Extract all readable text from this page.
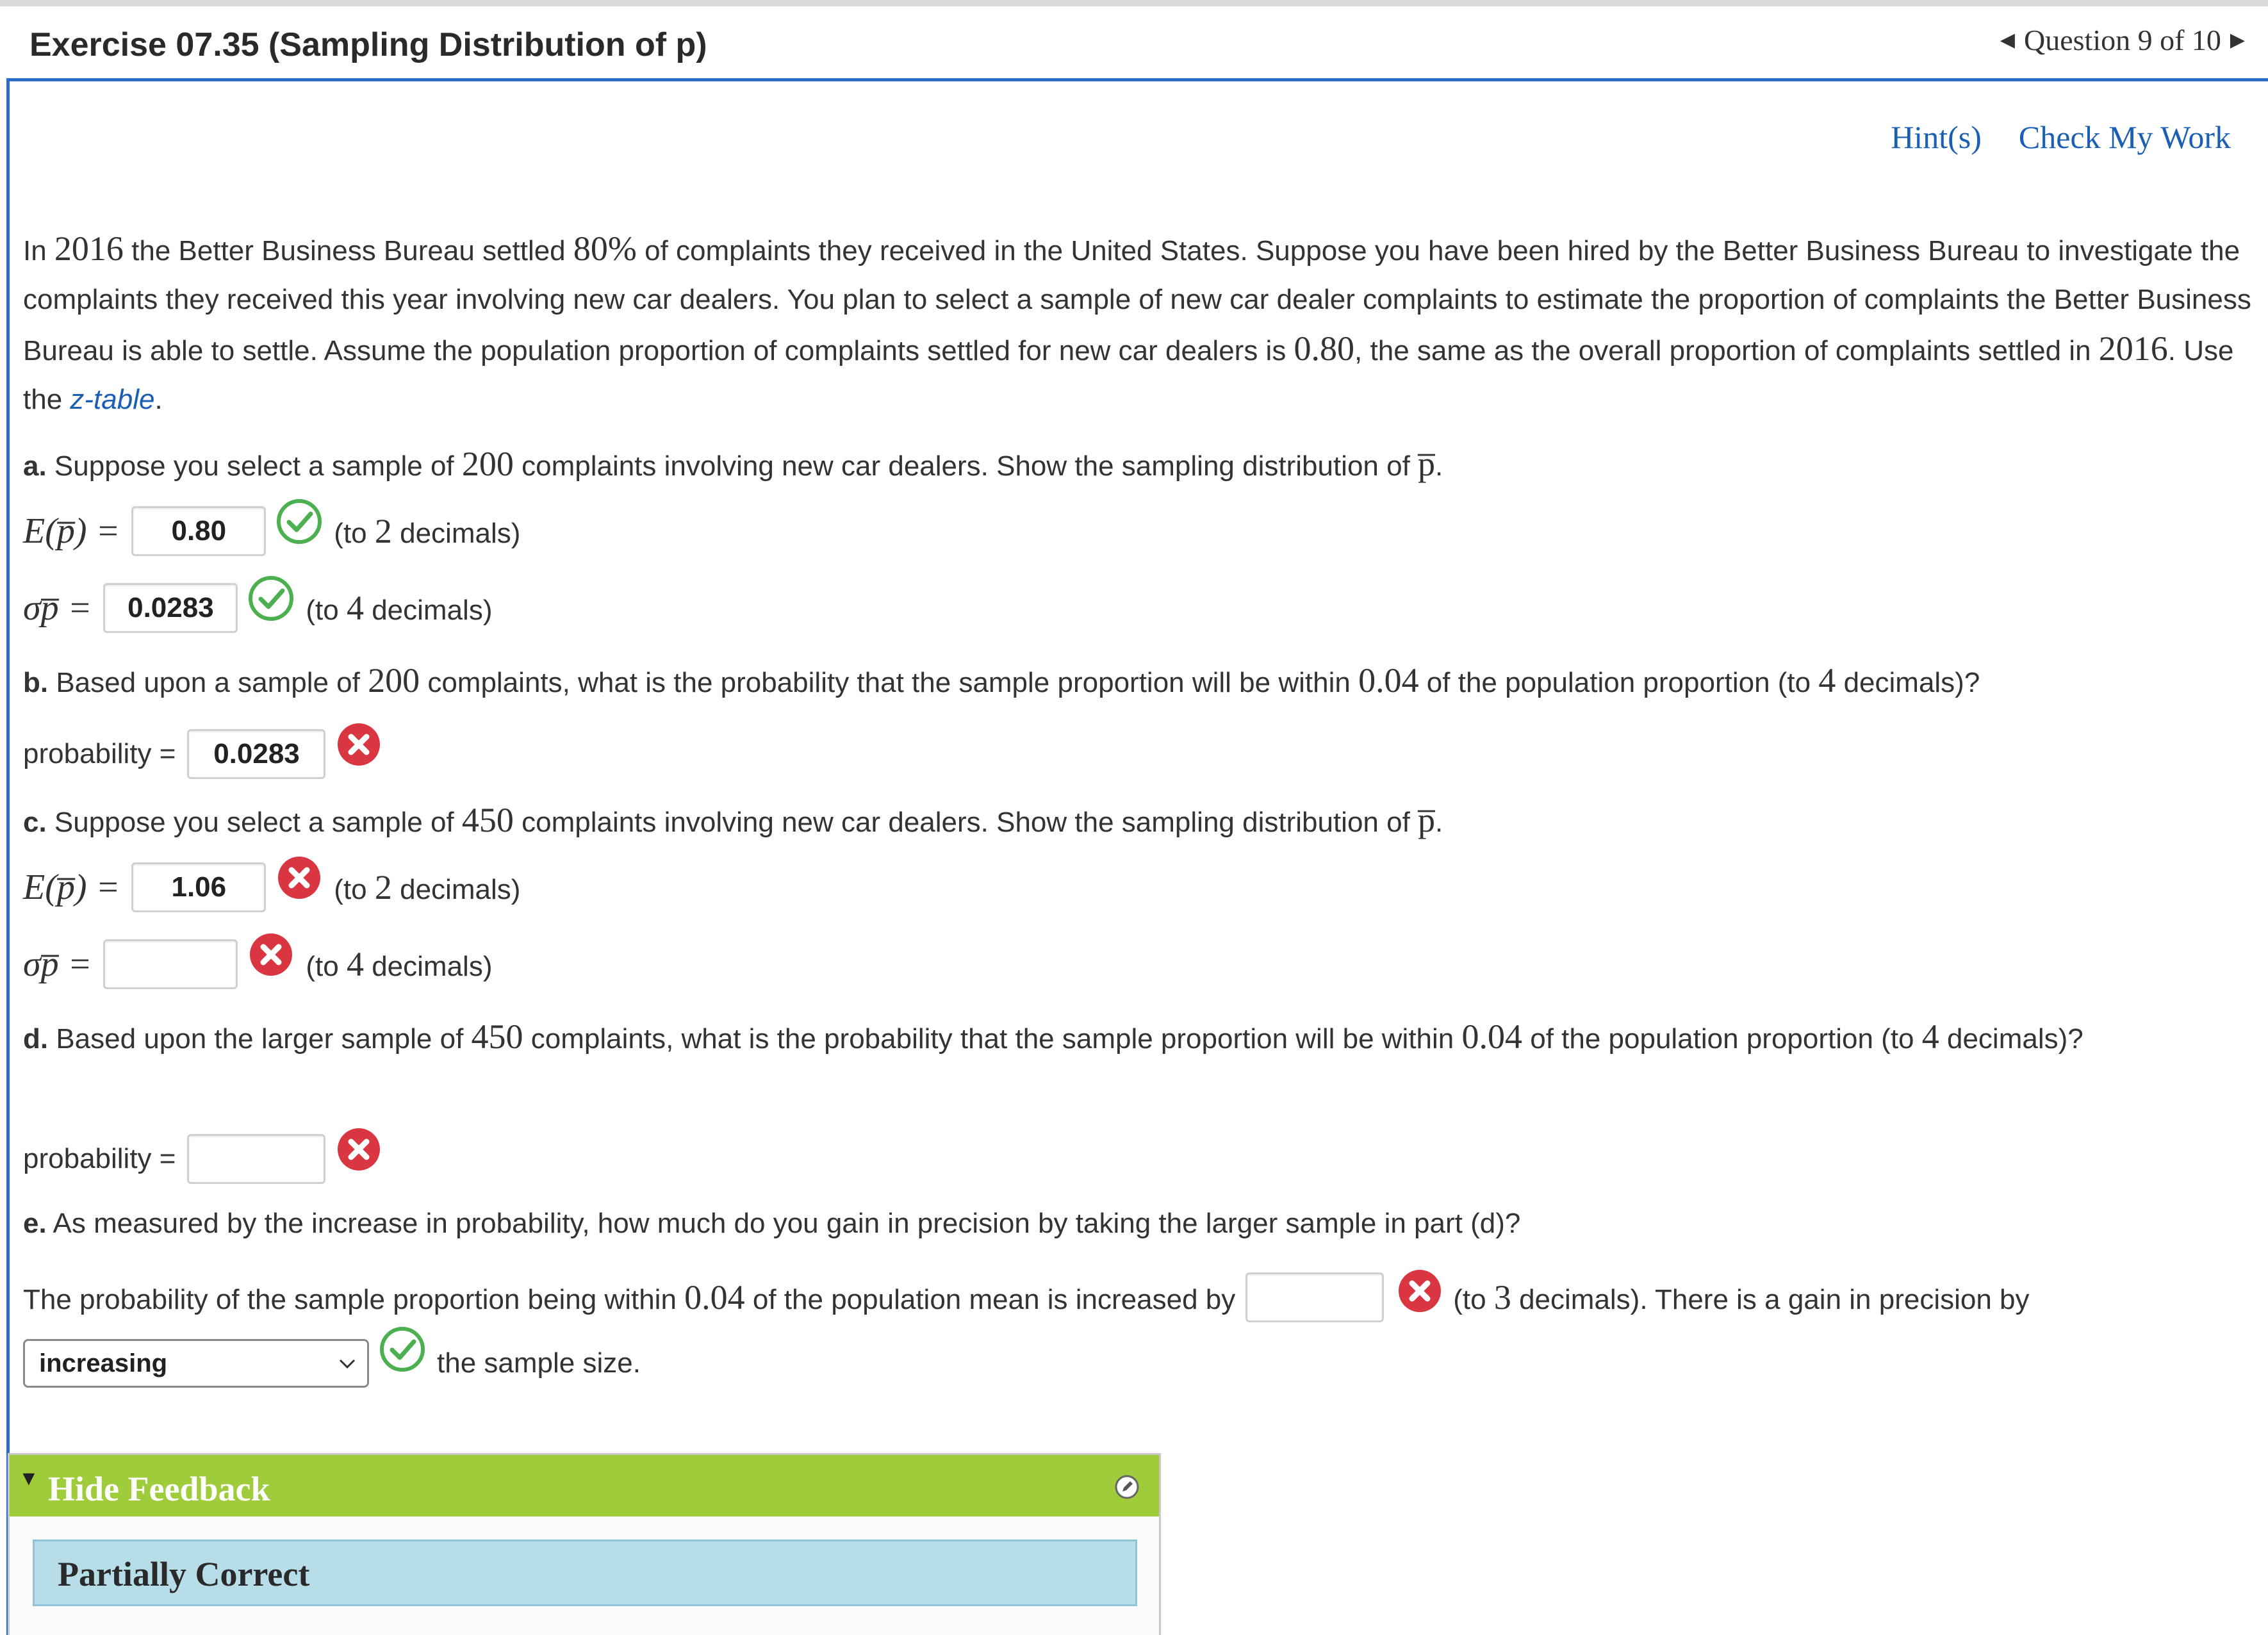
Exercise 07.35 (Sampling Distribution of p)	◀ Question 9 of 10 ▶
Hint(s) Check My Work

In 2016 the Better Business Bureau settled 80% of complaints they received in the United States. Suppose you have been hired by the Better Business Bureau to investigate the complaints they received this year involving new car dealers. You plan to select a sample of new car dealer complaints to estimate the proportion of complaints the Better Business Bureau is able to settle. Assume the population proportion of complaints settled for new car dealers is 0.80, the same as the overall proportion of complaints settled in 2016. Use the z-table.

a. Suppose you select a sample of 200 complaints involving new car dealers. Show the sampling distribution of p̅.
E(p̅) =	0.80	(to 2 decimals)
σp̅ =	0.0283	(to 4 decimals)
b. Based upon a sample of 200 complaints, what is the probability that the sample proportion will be within 0.04 of the population proportion (to 4 decimals)?
probability =	0.0283
c. Suppose you select a sample of 450 complaints involving new car dealers. Show the sampling distribution of p̅.
E(p̅) =	1.06	(to 2 decimals)
σp̅ =	(to 4 decimals)
d. Based upon the larger sample of 450 complaints, what is the probability that the sample proportion will be within 0.04 of the population proportion (to 4 decimals)?
probability =
e. As measured by the increase in probability, how much do you gain in precision by taking the larger sample in part (d)?
The probability of the sample proportion being within 0.04 of the population mean is increased by	(to 3 decimals). There is a gain in precision by
increasing	the sample size.
▼ Hide Feedback
Partially Correct
